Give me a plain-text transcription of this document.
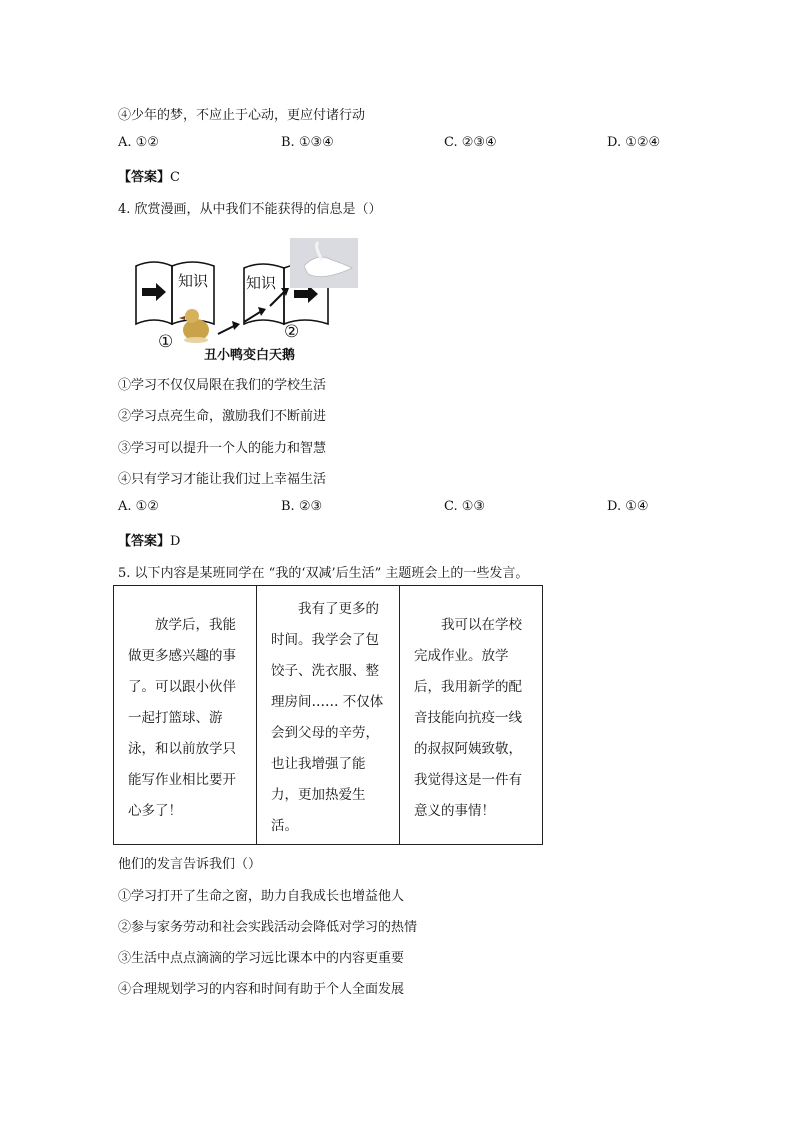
④少年的梦，不应止于心动，更应付诸行动
A. ①②	B. ①③④	C. ②③④	D. ①②④
【答案】C
4. 欣赏漫画，从中我们不能获得的信息是（）
知识	知识
①	②
丑小鸭变白天鹅
①学习不仅仅局限在我们的学校生活
②学习点亮生命，激励我们不断前进
③学习可以提升一个人的能力和智慧
④只有学习才能让我们过上幸福生活
A. ①②	B. ②③	C. ①③	D. ①④
【答案】D
5. 以下内容是某班同学在 “我的‘双减’后生活” 主题班会上的一些发言。
放学后，我能做更多感兴趣的事了。可以跟小伙伴一起打篮球、游泳，和以前放学只能写作业相比要开心多了！

我有了更多的时间。我学会了包饺子、洗衣服、整理房间…… 不仅体会到父母的辛劳，也让我增强了能力，更加热爱生活。

我可以在学校完成作业。放学后，我用新学的配音技能向抗疫一线的叔叔阿姨致敬，我觉得这是一件有意义的事情！
他们的发言告诉我们（）
①学习打开了生命之窗，助力自我成长也增益他人
②参与家务劳动和社会实践活动会降低对学习的热情
③生活中点点滴滴的学习远比课本中的内容更重要
④合理规划学习的内容和时间有助于个人全面发展
